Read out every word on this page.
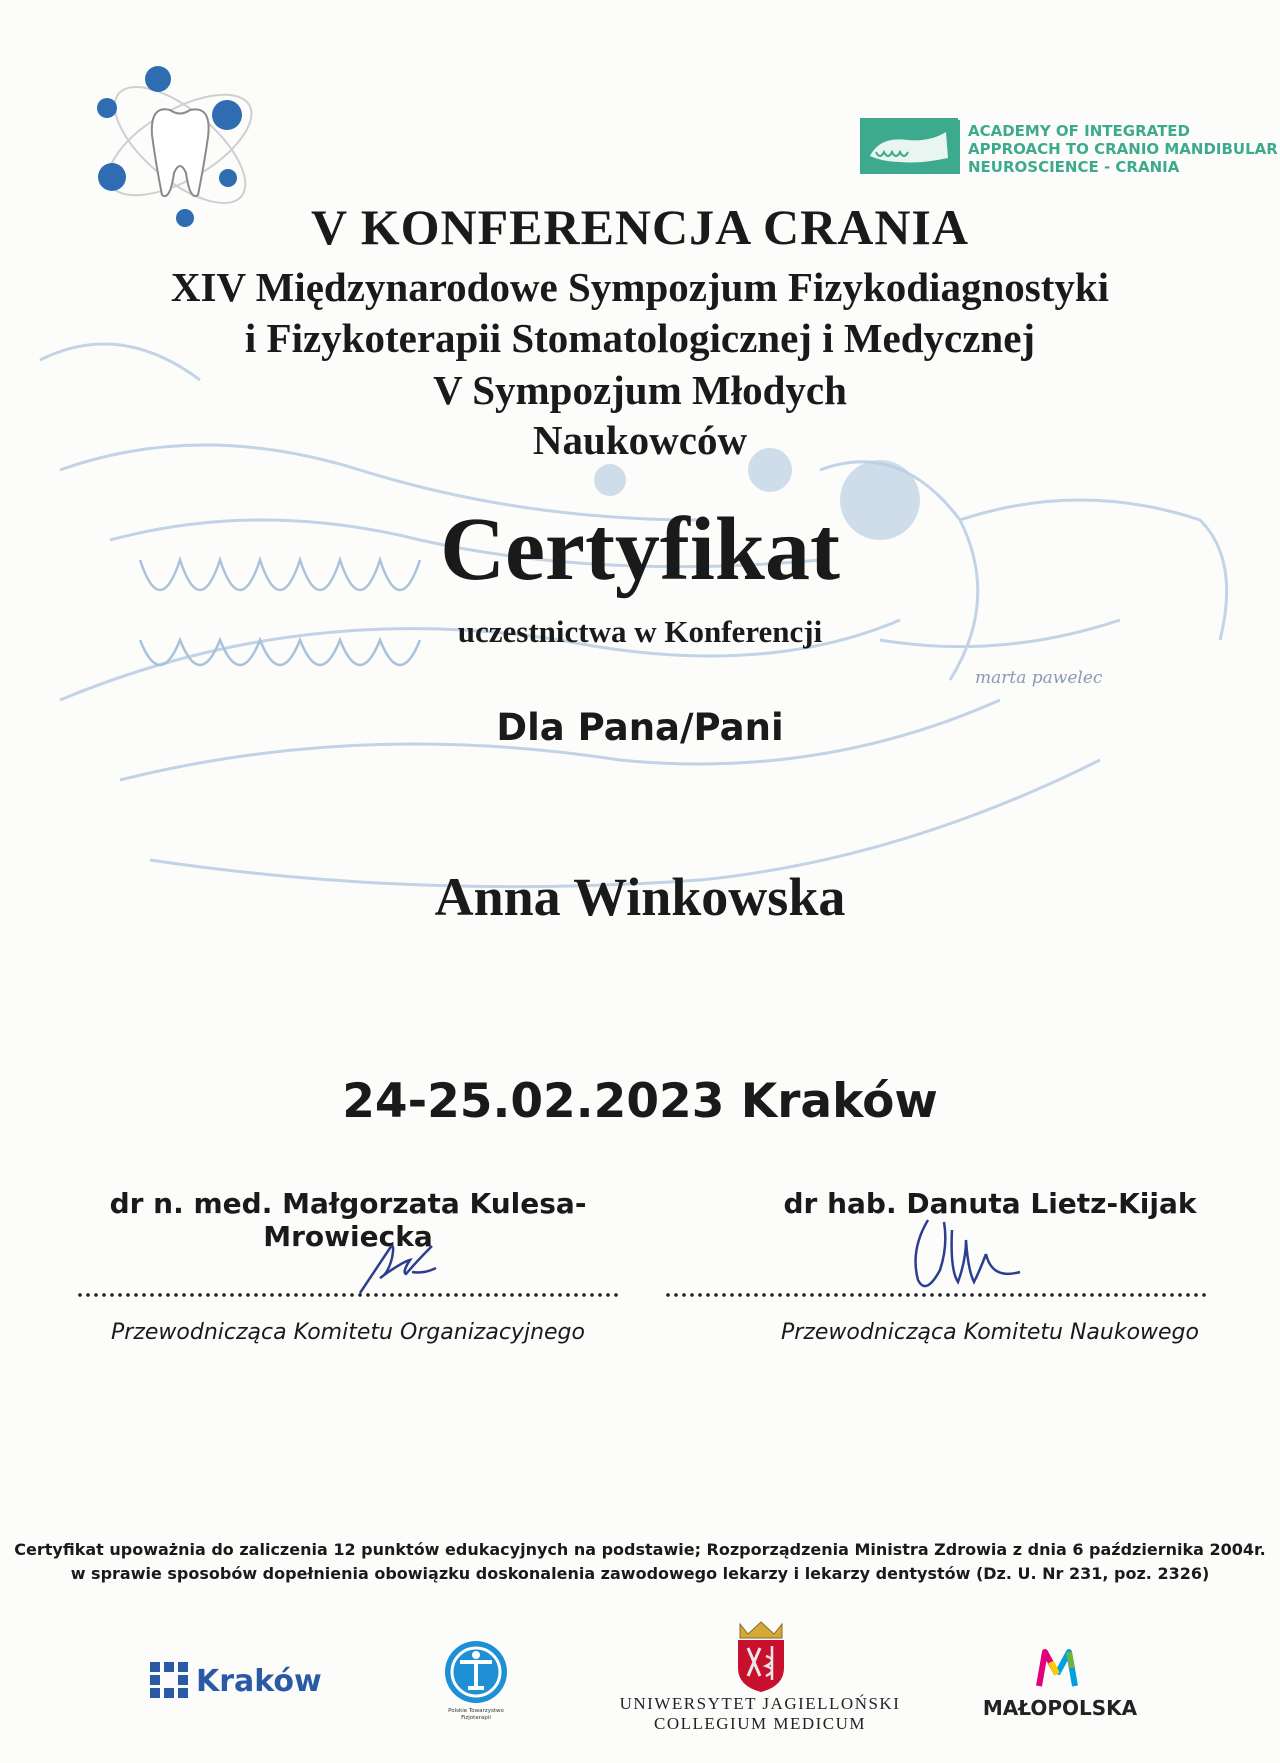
ACADEMY OF INTEGRATED
APPROACH TO CRANIO MANDIBULAR
NEUROSCIENCE - CRANIA
V KONFERENCJA CRANIA
XIV Międzynarodowe Sympozjum Fizykodiagnostyki
i Fizykoterapii Stomatologicznej i Medycznej
V Sympozjum Młodych
Naukowców
Certyfikat
uczestnictwa w Konferencji
marta pawelec
Dla Pana/Pani
Anna Winkowska
24-25.02.2023 Kraków
dr n. med. Małgorzata Kulesa-Mrowiecka
dr hab. Danuta Lietz-Kijak
Przewodnicząca Komitetu Organizacyjnego	Przewodnicząca Komitetu Naukowego
Certyfikat upoważnia do zaliczenia 12 punktów edukacyjnych na podstawie; Rozporządzenia Ministra Zdrowia z dnia 6 października 2004r.
w sprawie sposobów dopełnienia obowiązku doskonalenia zawodowego lekarzy i lekarzy dentystów (Dz. U. Nr 231, poz. 2326)
Kraków
Polskie Towarzystwo
Fizjoterapii
UNIWERSYTET JAGIELLOŃSKI
COLLEGIUM MEDICUM
MAŁOPOLSKA
